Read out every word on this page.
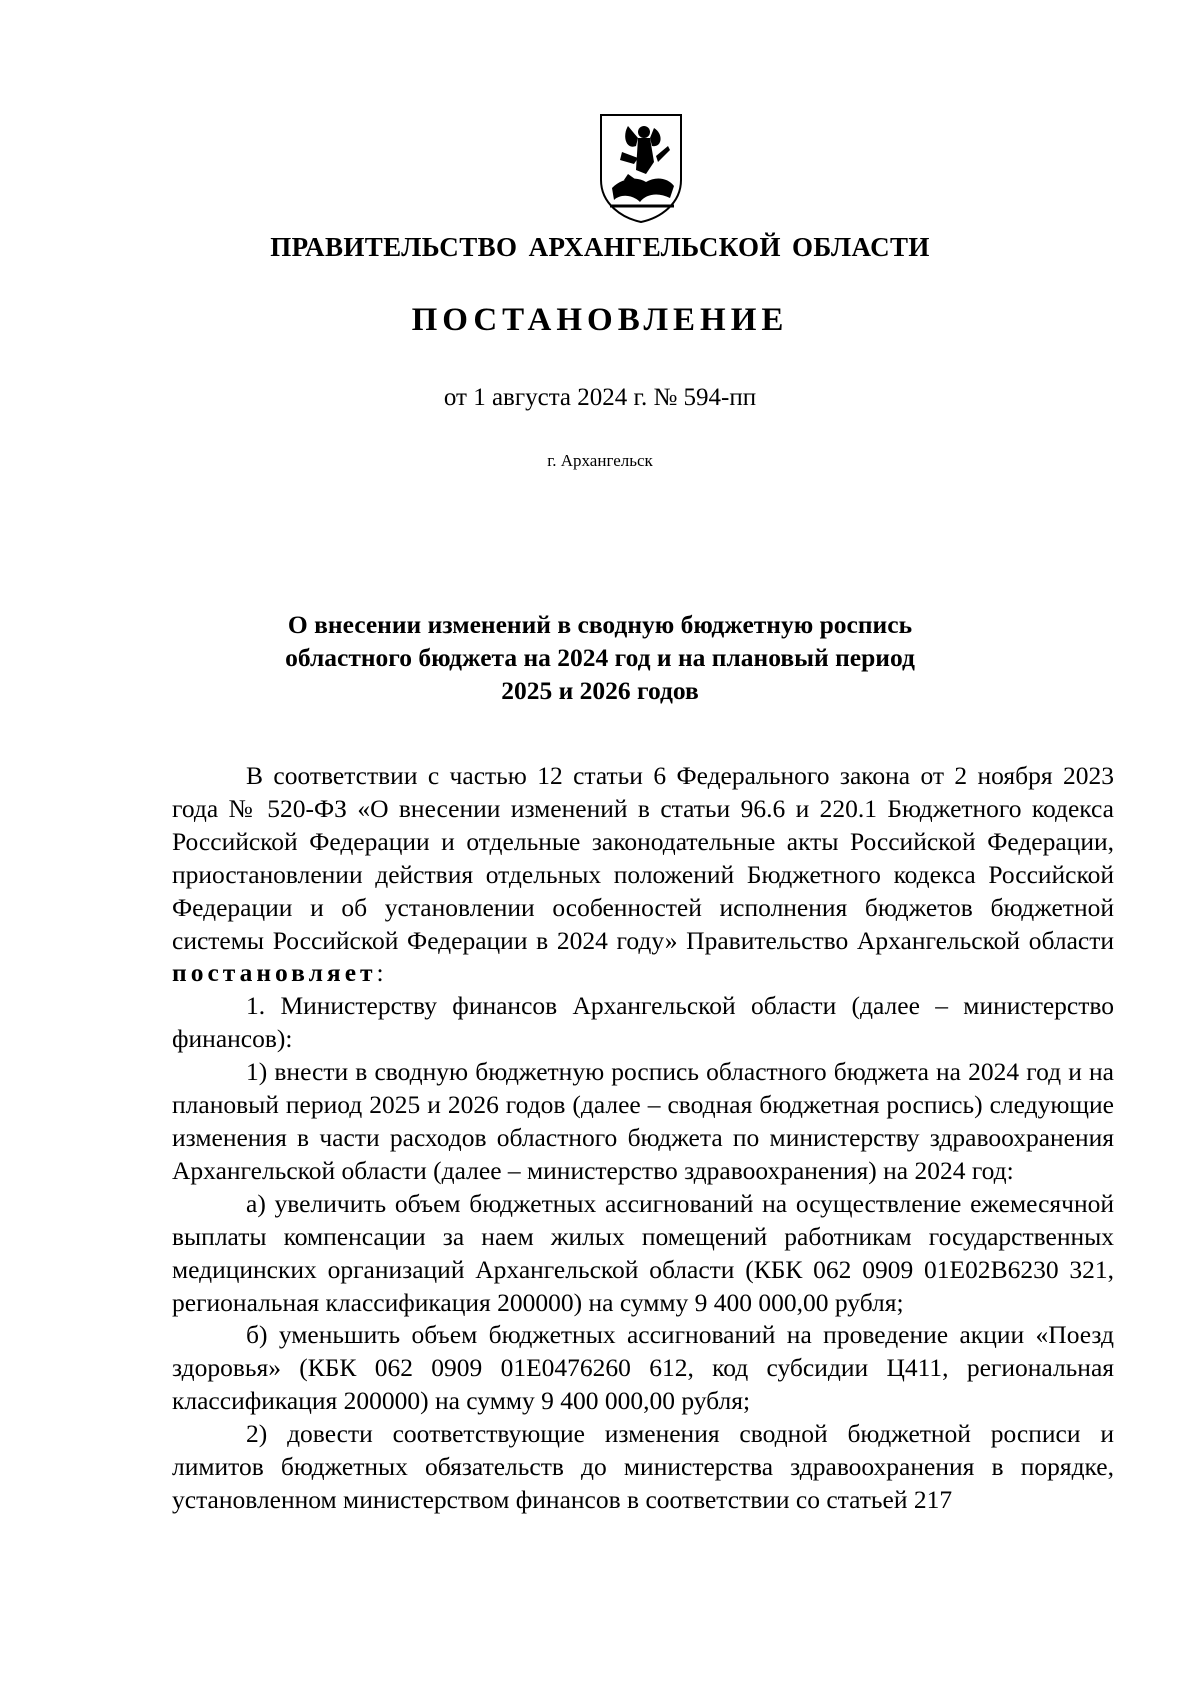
ПРАВИТЕЛЬСТВО АРХАНГЕЛЬСКОЙ ОБЛАСТИ
ПОСТАНОВЛЕНИЕ
от 1 августа 2024 г. № 594-пп
г. Архангельск
О внесении изменений в сводную бюджетную роспись
областного бюджета на 2024 год и на плановый период
2025 и 2026 годов

В соответствии с частью 12 статьи 6 Федерального закона от 2 ноября 2023 года № 520-ФЗ «О внесении изменений в статьи 96.6 и 220.1 Бюджетного кодекса Российской Федерации и отдельные законодательные акты Российской Федерации, приостановлении действия отдельных положений Бюджетного кодекса Российской Федерации и об установлении особенностей исполнения бюджетов бюджетной системы Российской Федерации в 2024 году» Правительство Архангельской области постановляет:

1. Министерству финансов Архангельской области (далее – министерство финансов):

1) внести в сводную бюджетную роспись областного бюджета на 2024 год и на плановый период 2025 и 2026 годов (далее – сводная бюджетная роспись) следующие изменения в части расходов областного бюджета по министерству здравоохранения Архангельской области (далее – министерство здравоохранения) на 2024 год:

а) увеличить объем бюджетных ассигнований на осуществление ежемесячной выплаты компенсации за наем жилых помещений работникам государственных медицинских организаций Архангельской области (КБК 062 0909 01Е02В6230 321, региональная классификация 200000) на сумму 9 400 000,00 рубля;

б) уменьшить объем бюджетных ассигнований на проведение акции «Поезд здоровья» (КБК 062 0909 01Е0476260 612, код субсидии Ц411, региональная классификация 200000) на сумму 9 400 000,00 рубля;

2) довести соответствующие изменения сводной бюджетной росписи и лимитов бюджетных обязательств до министерства здравоохранения в порядке, установленном министерством финансов в соответствии со статьей 217
